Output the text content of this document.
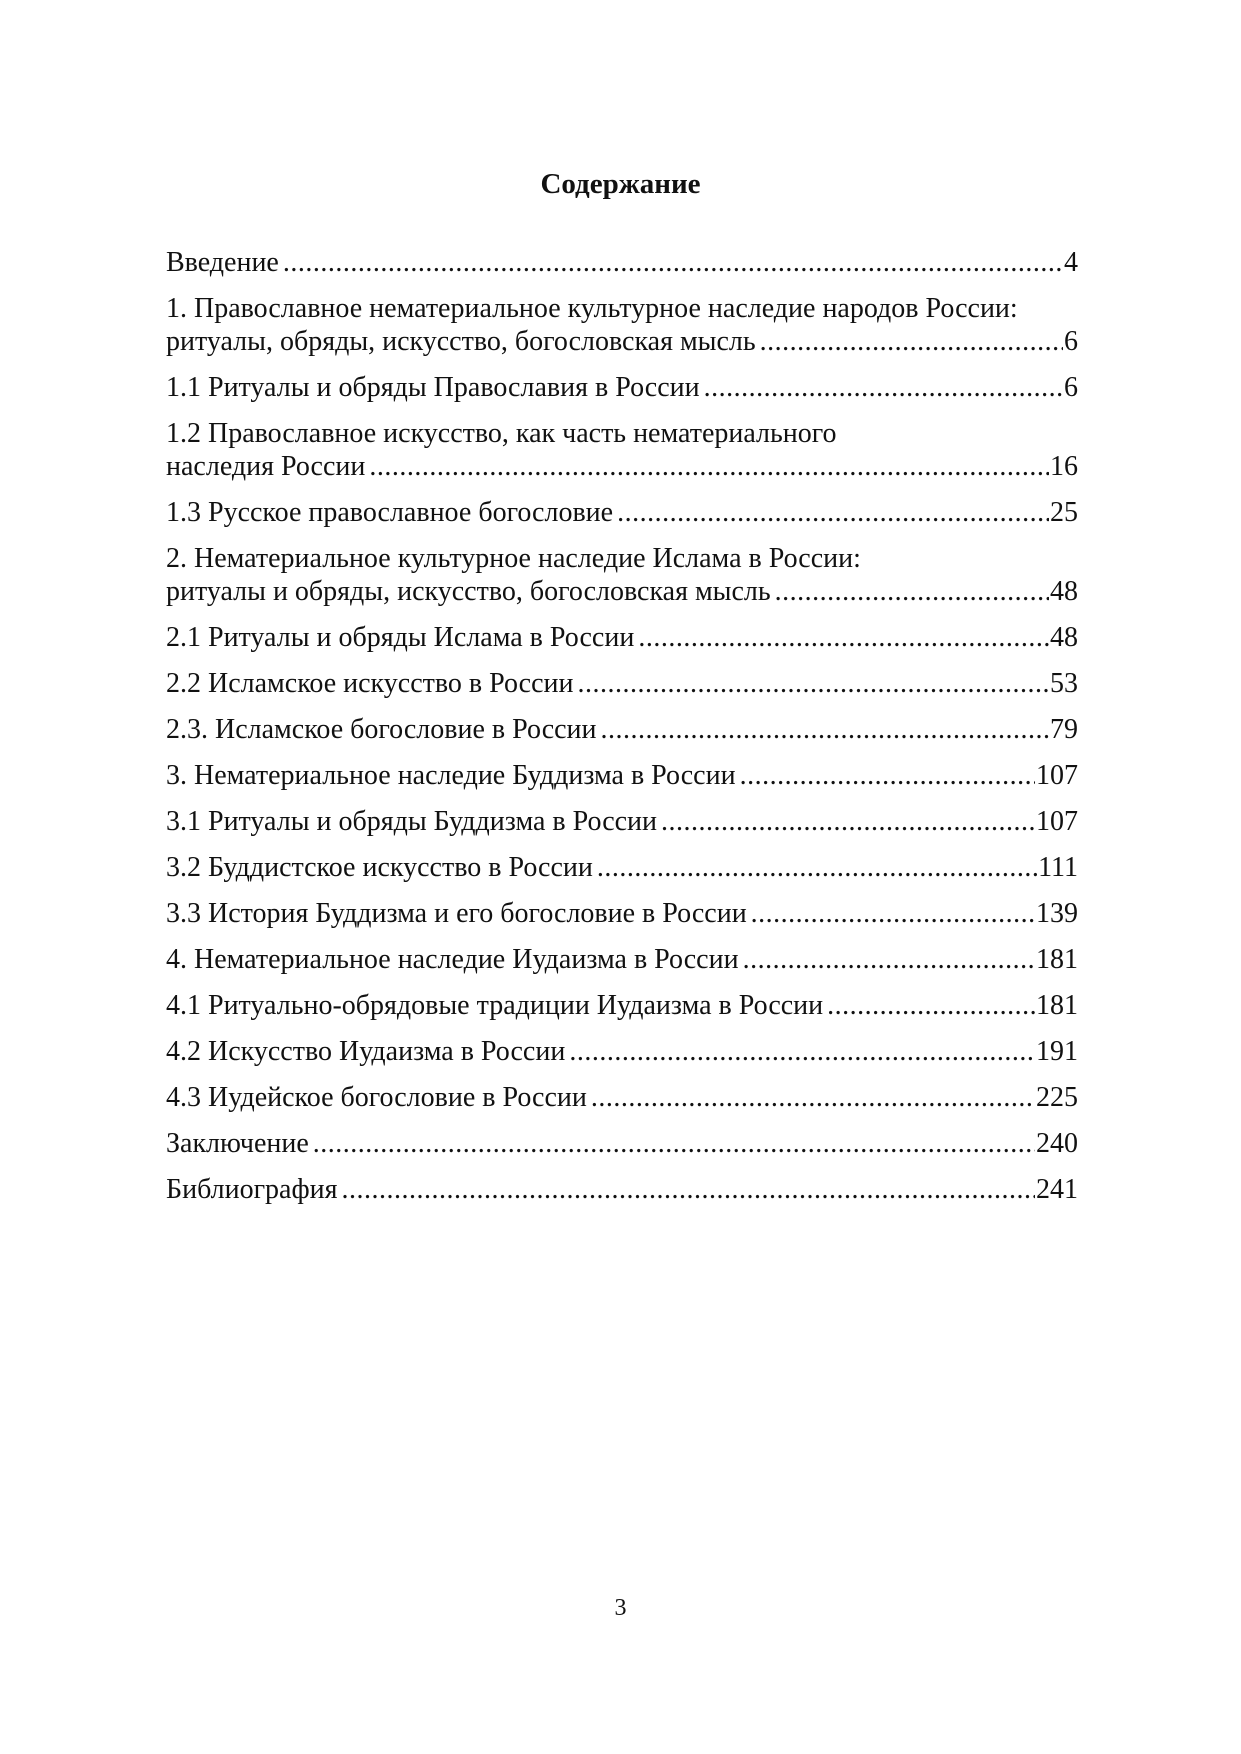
Содержание
Введение .....	4
1. Православное нематериальное культурное наследие народов России:
ритуалы, обряды, искусство, богословская мысль .....	6
1.1 Ритуалы и обряды Православия в России .....	6
1.2 Православное искусство, как часть нематериального
наследия России .....	16
1.3 Русское православное богословие .....	25
2. Нематериальное культурное наследие Ислама в России:
ритуалы и обряды, искусство, богословская мысль .....	48
2.1 Ритуалы и обряды Ислама в России .....	48
2.2 Исламское искусство в России .....	53
2.3. Исламское богословие в России .....	79
3. Нематериальное наследие Буддизма в России .....	107
3.1 Ритуалы и обряды Буддизма в России .....	107
3.2 Буддистское искусство в России .....	111
3.3 История Буддизма и его богословие в России .....	139
4. Нематериальное наследие Иудаизма в России .....	181
4.1 Ритуально-обрядовые традиции Иудаизма в России .....	181
4.2 Искусство Иудаизма в России .....	191
4.3 Иудейское богословие в России .....	225
Заключение .....	240
Библиография .....	241
3
